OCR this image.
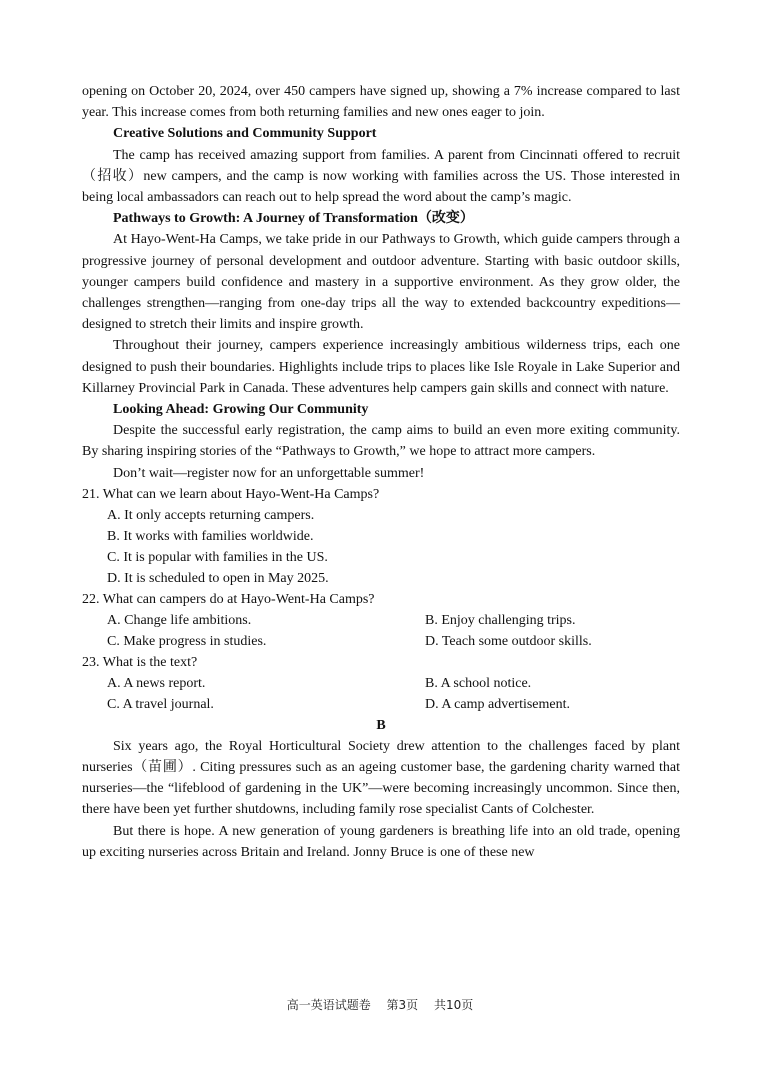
opening on October 20, 2024, over 450 campers have signed up, showing a 7% increase compared to last year. This increase comes from both returning families and new ones eager to join.

Creative Solutions and Community Support

The camp has received amazing support from families. A parent from Cincinnati offered to recruit（招收）new campers, and the camp is now working with families across the US. Those interested in being local ambassadors can reach out to help spread the word about the camp’s magic.

Pathways to Growth: A Journey of Transformation（改变）

At Hayo-Went-Ha Camps, we take pride in our Pathways to Growth, which guide campers through a progressive journey of personal development and outdoor adventure. Starting with basic outdoor skills, younger campers build confidence and mastery in a supportive environment. As they grow older, the challenges strengthen—ranging from one-day trips all the way to extended backcountry expeditions—designed to stretch their limits and inspire growth.

Throughout their journey, campers experience increasingly ambitious wilderness trips, each one designed to push their boundaries. Highlights include trips to places like Isle Royale in Lake Superior and Killarney Provincial Park in Canada. These adventures help campers gain skills and connect with nature.

Looking Ahead: Growing Our Community

Despite the successful early registration, the camp aims to build an even more exiting community. By sharing inspiring stories of the “Pathways to Growth,” we hope to attract more campers.

Don’t wait—register now for an unforgettable summer!

21. What can we learn about Hayo-Went-Ha Camps?

A. It only accepts returning campers.
B. It works with families worldwide.
C. It is popular with families in the US.
D. It is scheduled to open in May 2025.

22. What can campers do at Hayo-Went-Ha Camps?

A. Change life ambitions.	B. Enjoy challenging trips.
C. Make progress in studies.	D. Teach some outdoor skills.

23. What is the text?

A. A news report.	B. A school notice.
C. A travel journal.	D. A camp advertisement.

B

Six years ago, the Royal Horticultural Society drew attention to the challenges faced by plant nurseries（苗圃）. Citing pressures such as an ageing customer base, the gardening charity warned that nurseries—the “lifeblood of gardening in the UK”—were becoming increasingly uncommon. Since then, there have been yet further shutdowns, including family rose specialist Cants of Colchester.

But there is hope. A new generation of young gardeners is breathing life into an old trade, opening up exciting nurseries across Britain and Ireland. Jonny Bruce is one of these new

高一英语试题卷 第3页 共10页
